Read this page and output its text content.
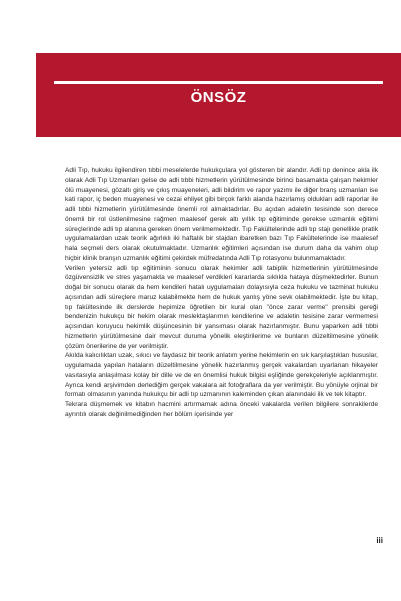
ÖNSÖZ

Adli Tıp, hukuku ilgilendiren tıbbi meselelerde hukukçulara yol gösteren bir alandır. Adli tıp denince akla ilk olarak Adli Tıp Uzmanları gelse de adli tıbbi hizmetlerin yürütülmesinde birinci basamakta çalışan hekimler ölü muayenesi, gözaltı giriş ve çıkış muayeneleri, adli bildirim ve rapor yazımı ile diğer branş uzmanları ise kati rapor, iç beden muayenesi ve cezai ehliyet gibi birçok farklı alanda hazırlamış oldukları adli raporlar ile adli tıbbi hizmetlerin yürütülmesinde önemli rol almaktadırlar. Bu açıdan adaletin tesisinde son derece önemli bir rol üstlenilmesine rağmen maalesef gerek altı yıllık tıp eğitiminde gerekse uzmanlık eğitimi süreçlerinde adli tıp alanına gereken önem verilmemektedir. Tıp Fakültelerinde adli tıp stajı genellikle pratik uygulamalardan uzak teorik ağırlıklı iki haftalık bir stajdan ibaretken bazı Tıp Fakültelerinde ise maalesef hala seçmeli ders olarak okutulmaktadır. Uzmanlık eğitimleri açısından ise durum daha da vahim olup hiçbir klinik branşın uzmanlık eğitimi çekirdek müfredatında Adli Tıp rotasyonu bulunmamaktadır.

Verilen yetersiz adli tıp eğitiminin sonucu olarak hekimler adli tabiplik hizmetlerinin yürütülmesinde özgüvensizlik ve stres yaşamakta ve maalesef verdikleri kararlarda sıklıkla hataya düşmektedirler. Bunun doğal bir sonucu olarak da hem kendileri hatalı uygulamaları dolayısıyla ceza hukuku ve tazminat hukuku açısından adli süreçlere maruz kalabilmekte hem de hukuk yanlış yöne sevk olabilmektedir. İşte bu kitap, tıp fakültesinde ilk derslerde hepimize öğretilen bir kural olan "önce zarar verme" prensibi gereği bendenizin hukukçu bir hekim olarak meslektaşlarımın kendilerine ve adaletin tesisine zarar vermemesi açısından koruyucu hekimlik düşüncesinin bir yansıması olarak hazırlanmıştır. Bunu yaparken adli tıbbi hizmetlerin yürütülmesine dair mevcut duruma yönelik eleştirilerime ve bunların düzeltilmesine yönelik çözüm önerilerine de yer verilmiştir.

Akılda kalıcılıktan uzak, sıkıcı ve faydasız bir teorik anlatım yerine hekimlerin en sık karşılaştıkları hususlar, uygulamada yapılan hataların düzeltilmesine yönelik hazırlanmış gerçek vakalardan uyarlanan hikayeler vasıtasıyla anlaşılması kolay bir dille ve de en önemlisi hukuk bilgisi eşliğinde gerekçeleriyle açıklanmıştır. Ayrıca kendi arşivimden derlediğim gerçek vakalara ait fotoğraflara da yer verilmiştir. Bu yönüyle orjinal bir formatı olmasının yanında hukukçu bir adli tıp uzmanının kaleminden çıkan alanındaki ilk ve tek kitaptır.

Tekrara düşmemek ve kitabın hacmini artırmamak adına önceki vakalarda verilen bilgilere sonrakilerde ayrıntılı olarak değinilmediğinden her bölüm içerisinde yer

iii
